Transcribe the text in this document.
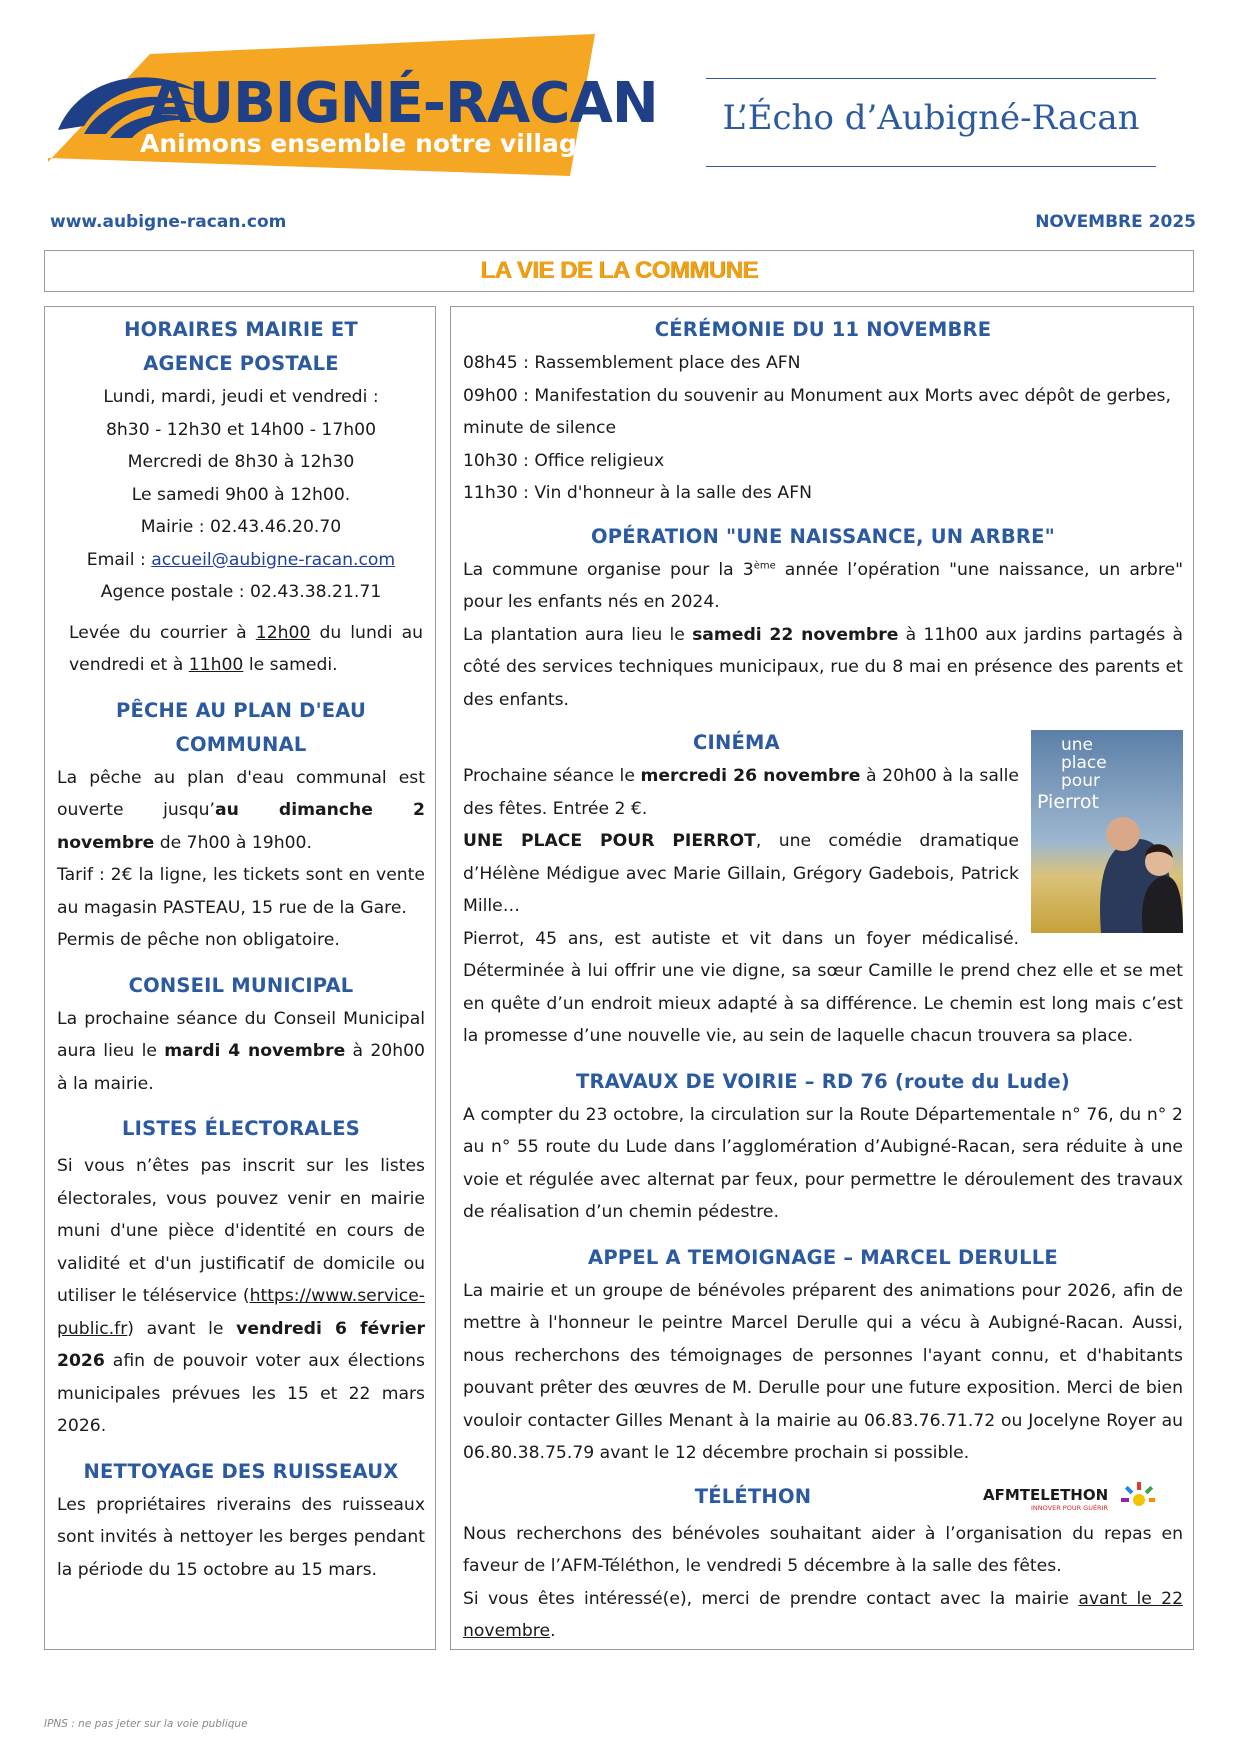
AUBIGNÉ-RACAN
Animons ensemble notre village
L’Écho d’Aubigné-Racan
www.aubigne-racan.com	NOVEMBRE 2025
LA VIE DE LA COMMUNE
HORAIRES MAIRIE ET
AGENCE POSTALE

Lundi, mardi, jeudi et vendredi :

8h30 - 12h30 et 14h00 - 17h00

Mercredi de 8h30 à 12h30

Le samedi 9h00 à 12h00.

Mairie : 02.43.46.20.70

Email : accueil@aubigne-racan.com

Agence postale : 02.43.38.21.71

Levée du courrier à 12h00 du lundi au vendredi et à 11h00 le samedi.

PÊCHE AU PLAN D'EAU
COMMUNAL

La pêche au plan d'eau communal est ouverte jusqu’au dimanche 2 novembre de 7h00 à 19h00.

Tarif : 2€ la ligne, les tickets sont en vente au magasin PASTEAU, 15 rue de la Gare.

Permis de pêche non obligatoire.

CONSEIL MUNICIPAL

La prochaine séance du Conseil Municipal aura lieu le mardi 4 novembre à 20h00 à la mairie.

LISTES ÉLECTORALES

Si vous n’êtes pas inscrit sur les listes électorales, vous pouvez venir en mairie muni d'une pièce d'identité en cours de validité et d'un justificatif de domicile ou utiliser le téléservice (https://www.service-public.fr) avant le vendredi 6 février 2026 afin de pouvoir voter aux élections municipales prévues les 15 et 22 mars 2026.

NETTOYAGE DES RUISSEAUX

Les propriétaires riverains des ruisseaux sont invités à nettoyer les berges pendant la période du 15 octobre au 15 mars.

CÉRÉMONIE DU 11 NOVEMBRE

08h45 : Rassemblement place des AFN

09h00 : Manifestation du souvenir au Monument aux Morts avec dépôt de gerbes, minute de silence

10h30 : Office religieux

11h30 : Vin d'honneur à la salle des AFN

OPÉRATION "UNE NAISSANCE, UN ARBRE"

La commune organise pour la 3ème année l’opération "une naissance, un arbre" pour les enfants nés en 2024.

La plantation aura lieu le samedi 22 novembre à 11h00 aux jardins partagés à côté des services techniques municipaux, rue du 8 mai en présence des parents et des enfants.

une
place
pour
Pierrot
CINÉMA

Prochaine séance le mercredi 26 novembre à 20h00 à la salle des fêtes. Entrée 2 €.

UNE PLACE POUR PIERROT, une comédie dramatique d’Hélène Médigue avec Marie Gillain, Grégory Gadebois, Patrick Mille…

Pierrot, 45 ans, est autiste et vit dans un foyer médicalisé. Déterminée à lui offrir une vie digne, sa sœur Camille le prend chez elle et se met en quête d’un endroit mieux adapté à sa différence. Le chemin est long mais c’est la promesse d’une nouvelle vie, au sein de laquelle chacun trouvera sa place.

TRAVAUX DE VOIRIE – RD 76 (route du Lude)

A compter du 23 octobre, la circulation sur la Route Départementale n° 76, du n° 2 au n° 55 route du Lude dans l’agglomération d’Aubigné-Racan, sera réduite à une voie et régulée avec alternat par feux, pour permettre le déroulement des travaux de réalisation d’un chemin pédestre.

APPEL A TEMOIGNAGE – MARCEL DERULLE

La mairie et un groupe de bénévoles préparent des animations pour 2026, afin de mettre à l'honneur le peintre Marcel Derulle qui a vécu à Aubigné-Racan. Aussi, nous recherchons des témoignages de personnes l'ayant connu, et d'habitants pouvant prêter des œuvres de M. Derulle pour une future exposition. Merci de bien vouloir contacter Gilles Menant à la mairie au 06.83.76.71.72 ou Jocelyne Royer au 06.80.38.75.79 avant le 12 décembre prochain si possible.

TÉLÉTHON	AFMTELETHON
INNOVER POUR GUÉRIR

Nous recherchons des bénévoles souhaitant aider à l’organisation du repas en faveur de l’AFM-Téléthon, le vendredi 5 décembre à la salle des fêtes.

Si vous êtes intéressé(e), merci de prendre contact avec la mairie avant le 22 novembre.

IPNS : ne pas jeter sur la voie publique
